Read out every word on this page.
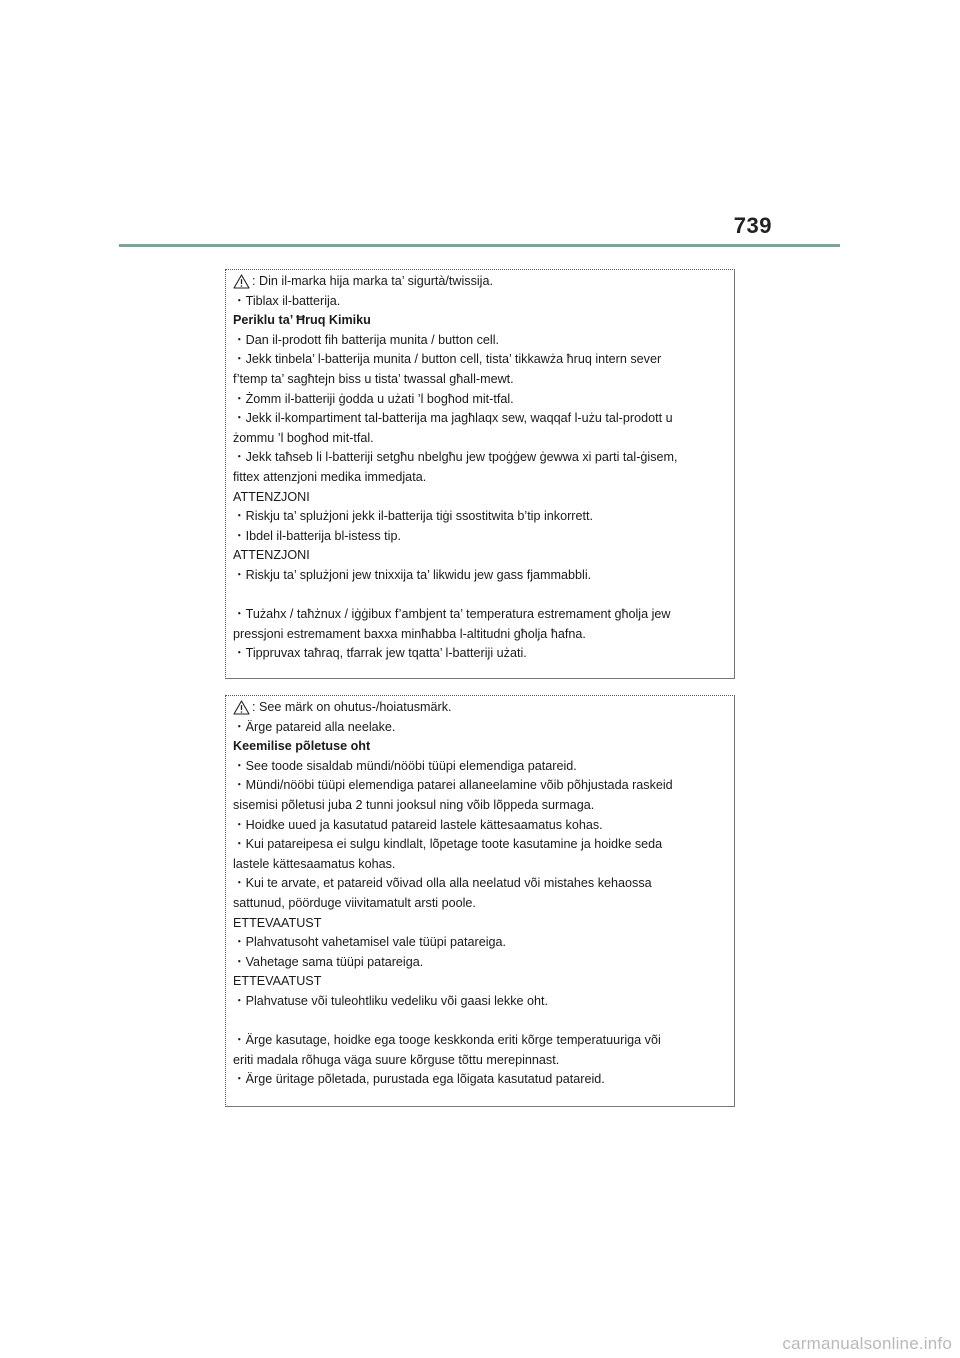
739
: Din il-marka hija marka ta’ sigurtà/twissija.
・Tiblax il-batterija.
Periklu ta’ Ħruq Kimiku
・Dan il-prodott fih batterija munita / button cell.
・Jekk tinbela’ l-batterija munita / button cell, tista’ tikkawża ħruq intern sever
f’temp ta’ sagħtejn biss u tista’ twassal għall-mewt.
・Żomm il-batteriji ġodda u użati ’l bogħod mit-tfal.
・Jekk il-kompartiment tal-batterija ma jagħlaqx sew, waqqaf l-użu tal-prodott u
żommu ’l bogħod mit-tfal.
・Jekk taħseb li l-batteriji setgħu nbelgħu jew tpoġġew ġewwa xi parti tal-ġisem,
fittex attenzjoni medika immedjata.
ATTENZJONI
・Riskju ta’ splużjoni jekk il-batterija tiġi ssostitwita b’tip inkorrett.
・Ibdel il-batterija bl-istess tip.
ATTENZJONI
・Riskju ta’ splużjoni jew tnixxija ta’ likwidu jew gass fjammabbli.
・Tużahx / taħżnux / iġġibux f’ambjent ta’ temperatura estremament għolja jew
pressjoni estremament baxxa minħabba l-altitudni għolja ħafna.
・Tippruvax taħraq, tfarrak jew tqatta’ l-batteriji użati.
: See märk on ohutus-/hoiatusmärk.
・Ärge patareid alla neelake.
Keemilise põletuse oht
・See toode sisaldab mündi/nööbi tüüpi elemendiga patareid.
・Mündi/nööbi tüüpi elemendiga patarei allaneelamine võib põhjustada raskeid
sisemisi põletusi juba 2 tunni jooksul ning võib lõppeda surmaga.
・Hoidke uued ja kasutatud patareid lastele kättesaamatus kohas.
・Kui patareipesa ei sulgu kindlalt, lõpetage toote kasutamine ja hoidke seda
lastele kättesaamatus kohas.
・Kui te arvate, et patareid võivad olla alla neelatud või mistahes kehaossa
sattunud, pöörduge viivitamatult arsti poole.
ETTEVAATUST
・Plahvatusoht vahetamisel vale tüüpi patareiga.
・Vahetage sama tüüpi patareiga.
ETTEVAATUST
・Plahvatuse või tuleohtliku vedeliku või gaasi lekke oht.
・Ärge kasutage, hoidke ega tooge keskkonda eriti kõrge temperatuuriga või
eriti madala rõhuga väga suure kõrguse tõttu merepinnast.
・Ärge üritage põletada, purustada ega lõigata kasutatud patareid.
carmanualsonline.info
